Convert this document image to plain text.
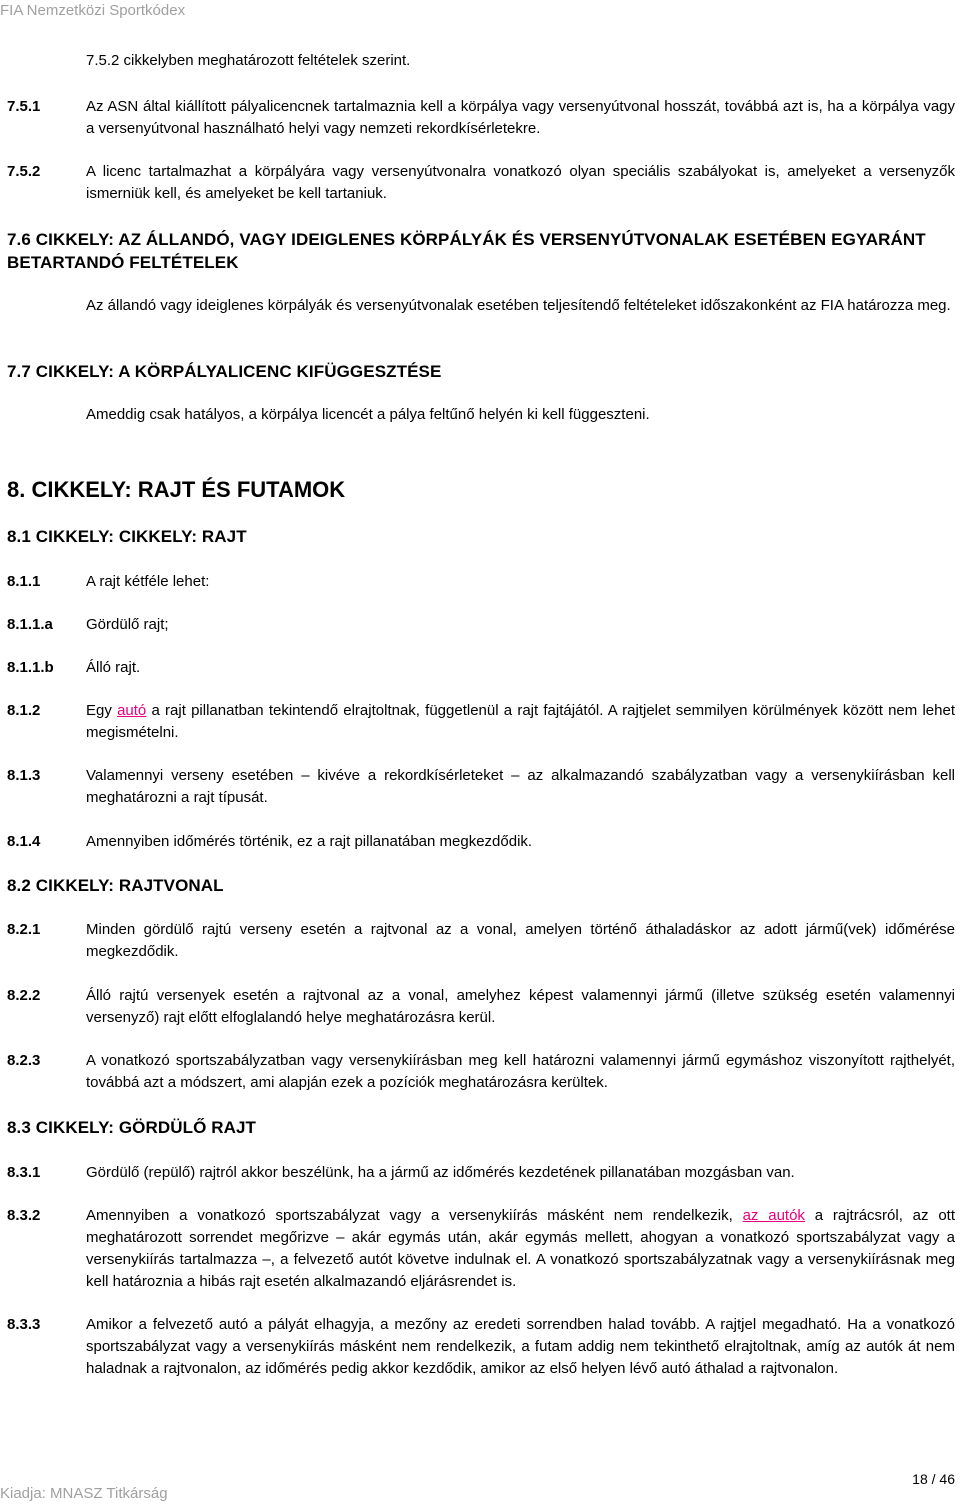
FIA Nemzetközi Sportkódex
7.5.2 cikkelyben meghatározott feltételek szerint.
7.5.1	Az ASN által kiállított pályalicencnek tartalmaznia kell a körpálya vagy versenyútvonal hosszát, továbbá azt is, ha a körpálya vagy a versenyútvonal használható helyi vagy nemzeti rekordkísérletekre.
7.5.2	A licenc tartalmazhat a körpályára vagy versenyútvonalra vonatkozó olyan speciális szabályokat is, amelyeket a versenyzők ismerniük kell, és amelyeket be kell tartaniuk.
7.6 CIKKELY: AZ ÁLLANDÓ, VAGY IDEIGLENES KÖRPÁLYÁK ÉS VERSENYÚTVONALAK ESETÉBEN EGYARÁNT BETARTANDÓ FELTÉTELEK
Az állandó vagy ideiglenes körpályák és versenyútvonalak esetében teljesítendő feltételeket időszakonként az FIA határozza meg.
7.7 CIKKELY: A KÖRPÁLYALICENC KIFÜGGESZTÉSE
Ameddig csak hatályos, a körpálya licencét a pálya feltűnő helyén ki kell függeszteni.
8. CIKKELY: RAJT ÉS FUTAMOK
8.1 CIKKELY: CIKKELY: RAJT
8.1.1	A rajt kétféle lehet:
8.1.1.a	Gördülő rajt;
8.1.1.b	Álló rajt.
8.1.2	Egy autó a rajt pillanatban tekintendő elrajtoltnak, függetlenül a rajt fajtájától. A rajtjelet semmilyen körülmények között nem lehet megismételni.
8.1.3	Valamennyi verseny esetében – kivéve a rekordkísérleteket – az alkalmazandó szabályzatban vagy a versenykiírásban kell meghatározni a rajt típusát.
8.1.4	Amennyiben időmérés történik, ez a rajt pillanatában megkezdődik.
8.2 CIKKELY: RAJTVONAL
8.2.1	Minden gördülő rajtú verseny esetén a rajtvonal az a vonal, amelyen történő áthaladáskor az adott jármű(vek) időmérése megkezdődik.
8.2.2	Álló rajtú versenyek esetén a rajtvonal az a vonal, amelyhez képest valamennyi jármű (illetve szükség esetén valamennyi versenyző) rajt előtt elfoglalandó helye meghatározásra kerül.
8.2.3	A vonatkozó sportszabályzatban vagy versenykiírásban meg kell határozni valamennyi jármű egymáshoz viszonyított rajthelyét, továbbá azt a módszert, ami alapján ezek a pozíciók meghatározásra kerültek.
8.3 CIKKELY: GÖRDÜLŐ RAJT
8.3.1	Gördülő (repülő) rajtról akkor beszélünk, ha a jármű az időmérés kezdetének pillanatában mozgásban van.
8.3.2	Amennyiben a vonatkozó sportszabályzat vagy a versenykiírás másként nem rendelkezik, az autók a rajtrácsról, az ott meghatározott sorrendet megőrizve – akár egymás után, akár egymás mellett, ahogyan a vonatkozó sportszabályzat vagy a versenykiírás tartalmazza –, a felvezető autót követve indulnak el. A vonatkozó sportszabályzatnak vagy a versenykiírásnak meg kell határoznia a hibás rajt esetén alkalmazandó eljárásrendet is.
8.3.3	Amikor a felvezető autó a pályát elhagyja, a mezőny az eredeti sorrendben halad tovább. A rajtjel megadható. Ha a vonatkozó sportszabályzat vagy a versenykiírás másként nem rendelkezik, a futam addig nem tekinthető elrajtoltnak, amíg az autók át nem haladnak a rajtvonalon, az időmérés pedig akkor kezdődik, amikor az első helyen lévő autó áthalad a rajtvonalon.
18 / 46
Kiadja: MNASZ Titkárság
